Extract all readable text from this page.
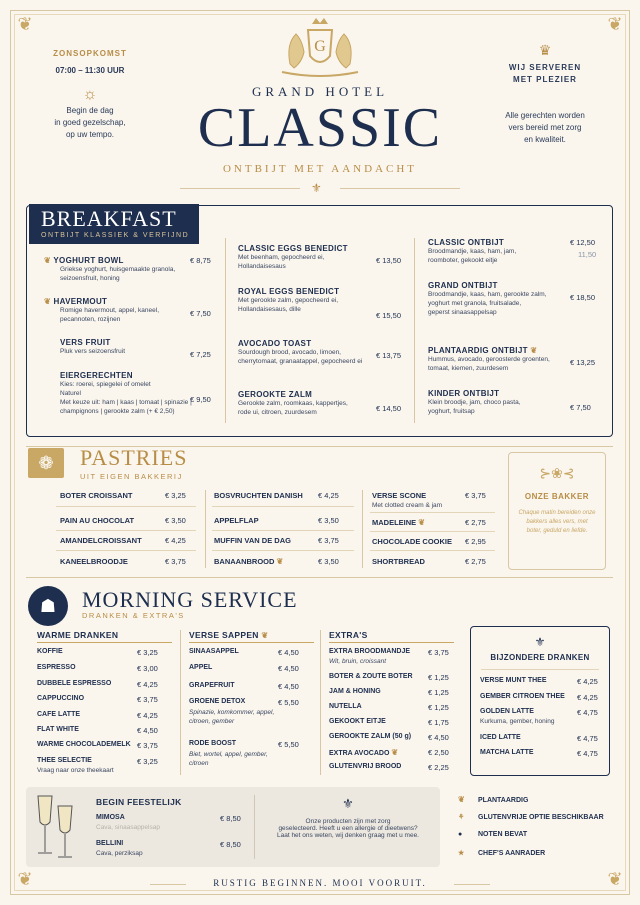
❦	❦
❦	❦
ZONSOPKOMST
07:00 – 11:30 UUR
☼
Begin de dag
in goed gezelschap,
op uw tempo.
♛
WIJ SERVEREN
MET PLEZIER
Alle gerechten worden
vers bereid met zorg
en kwaliteit.
G
GRAND HOTEL
CLASSIC
ONTBIJT MET AANDACHT
⚜
BREAKFAST
ONTBIJT KLASSIEK & VERFIJND
❦ YOGHURT BOWL
Griekse yoghurt, huisgemaakte granola,
seizoensfruit, honing
€ 8,75
❦ HAVERMOUT
Romige havermout, appel, kaneel,
pecannoten, rozijnen
€ 7,50
VERS FRUIT
Pluk vers seizoensfruit	€ 7,25
EIERGERECHTEN
Kies: roerei, spiegelei of omelet
Naturel
Met keuze uit: ham | kaas | tomaat | spinazie |
champignons | gerookte zalm (+ € 2,50)
€ 9,50
CLASSIC EGGS BENEDICT
Met beenham, gepocheerd ei,
Hollandaisesaus
€ 13,50
ROYAL EGGS BENEDICT
Met gerookte zalm, gepocheerd ei,
Hollandaisesaus, dille
€ 15,50
AVOCADO TOAST
Sourdough brood, avocado, limoen,
cherrytomaat, granaatappel, gepocheerd ei
€ 13,75
GEROOKTE ZALM
Gerookte zalm, roomkaas, kappertjes,
rode ui, citroen, zuurdesem	€ 14,50
CLASSIC ONTBIJT
Broodmandje, kaas, ham, jam,
roomboter, gekookt eitje
€ 12,50
11,50
GRAND ONTBIJT
Broodmandje, kaas, ham, gerookte zalm,
yoghurt met granola, fruitsalade,
geperst sinaasappelsap
€ 18,50
PLANTAARDIG ONTBIJT ❦
Hummus, avocado, geroosterde groenten,
tomaat, kiemen, zuurdesem
€ 13,25
KINDER ONTBIJT
Klein broodje, jam, choco pasta,
yoghurt, fruitsap	€ 7,50
❁	PASTRIES
UIT EIGEN BAKKERIJ
BOTER CROISSANT	€ 3,25
PAIN AU CHOCOLAT	€ 3,50
AMANDELCROISSANT	€ 4,25
KANEELBROODJE	€ 3,75
BOSVRUCHTEN DANISH € 4,25
APPELFLAP	€ 3,50
MUFFIN VAN DE DAG	€ 3,75
BANAANBROOD ❦	€ 3,50
VERSE SCONE	€ 3,75
Met clotted cream & jam
MADELEINE ❦	€ 2,75
CHOCOLADE COOKIE € 2,95
SHORTBREAD	€ 2,75
⊱❀⊰
ONZE BAKKER
Chaque matin bereiden onze
bakkers alles vers, met
boter, geduld en liefde.
☗	MORNING SERVICE
DRANKEN & EXTRA'S
WARME DRANKEN
KOFFIE	€ 3,25
ESPRESSO	€ 3,00
DUBBELE ESPRESSO	€ 4,25
CAPPUCCINO	€ 3,75
CAFE LATTE	€ 4,25
FLAT WHITE	€ 4,50
WARME CHOCOLADEMELK € 3,75
THEE SELECTIE	€ 3,25
Vraag naar onze theekaart
VERSE SAPPEN ❦
SINAASAPPEL	€ 4,50
APPEL	€ 4,50
GRAPEFRUIT	€ 4,50
GROENE DETOX	€ 5,50
Spinazie, komkommer, appel,
citroen, gember
RODE BOOST	€ 5,50
Biet, wortel, appel, gember,
citroen
EXTRA'S
EXTRA BROODMANDJE € 3,75
Wit, bruin, croissant
BOTER & ZOUTE BOTER € 1,25
JAM & HONING	€ 1,25
NUTELLA	€ 1,25
GEKOOKT EITJE	€ 1,75
GEROOKTE ZALM (50 g) € 4,50
EXTRA AVOCADO ❦	€ 2,50
GLUTENVRIJ BROOD	€ 2,25
⚜
BIJZONDERE DRANKEN
VERSE MUNT THEE	€ 4,25
GEMBER CITROEN THEE € 4,25
GOLDEN LATTE	€ 4,75
Kurkuma, gember, honing
ICED LATTE	€ 4,75
MATCHA LATTE	€ 4,75
BEGIN FEESTELIJK
MIMOSA	€ 8,50
Cava, sinaasappelsap
BELLINI	€ 8,50
Cava, perziksap
⚜
Onze producten zijn met zorg
geselecteerd. Heeft u een allergie of dieetwens?
Laat het ons weten, wij denken graag met u mee.
❦ PLANTAARDIG
⚘ GLUTENVRIJE OPTIE BESCHIKBAAR
● NOTEN BEVAT
★ CHEF'S AANRADER
RUSTIG BEGINNEN. MOOI VOORUIT.
